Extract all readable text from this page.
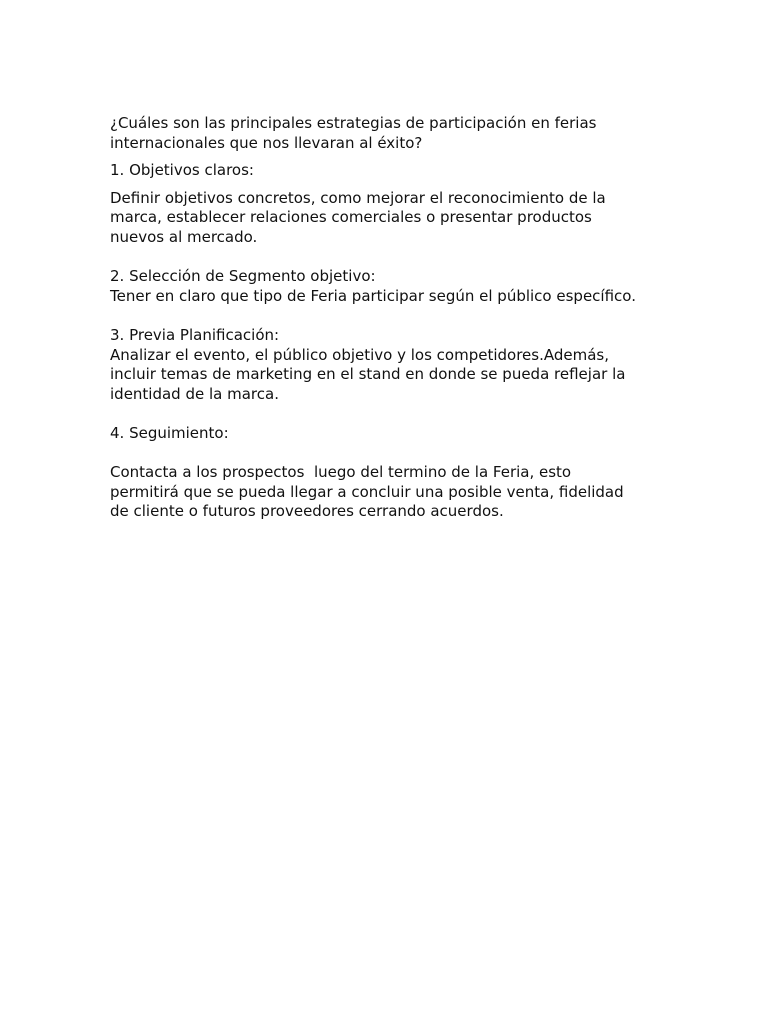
¿Cuáles son las principales estrategias de participación en ferias

internacionales que nos llevaran al éxito?

1. Objetivos claros:

Definir objetivos concretos, como mejorar el reconocimiento de la

marca, establecer relaciones comerciales o presentar productos

nuevos al mercado.

2. Selección de Segmento objetivo:

Tener en claro que tipo de Feria participar según el público específico.

3. Previa Planificación:

Analizar el evento, el público objetivo y los competidores.Además,

incluir temas de marketing en el stand en donde se pueda reflejar la

identidad de la marca.

4. Seguimiento:

Contacta a los prospectos  luego del termino de la Feria, esto

permitirá que se pueda llegar a concluir una posible venta, fidelidad

de cliente o futuros proveedores cerrando acuerdos.
